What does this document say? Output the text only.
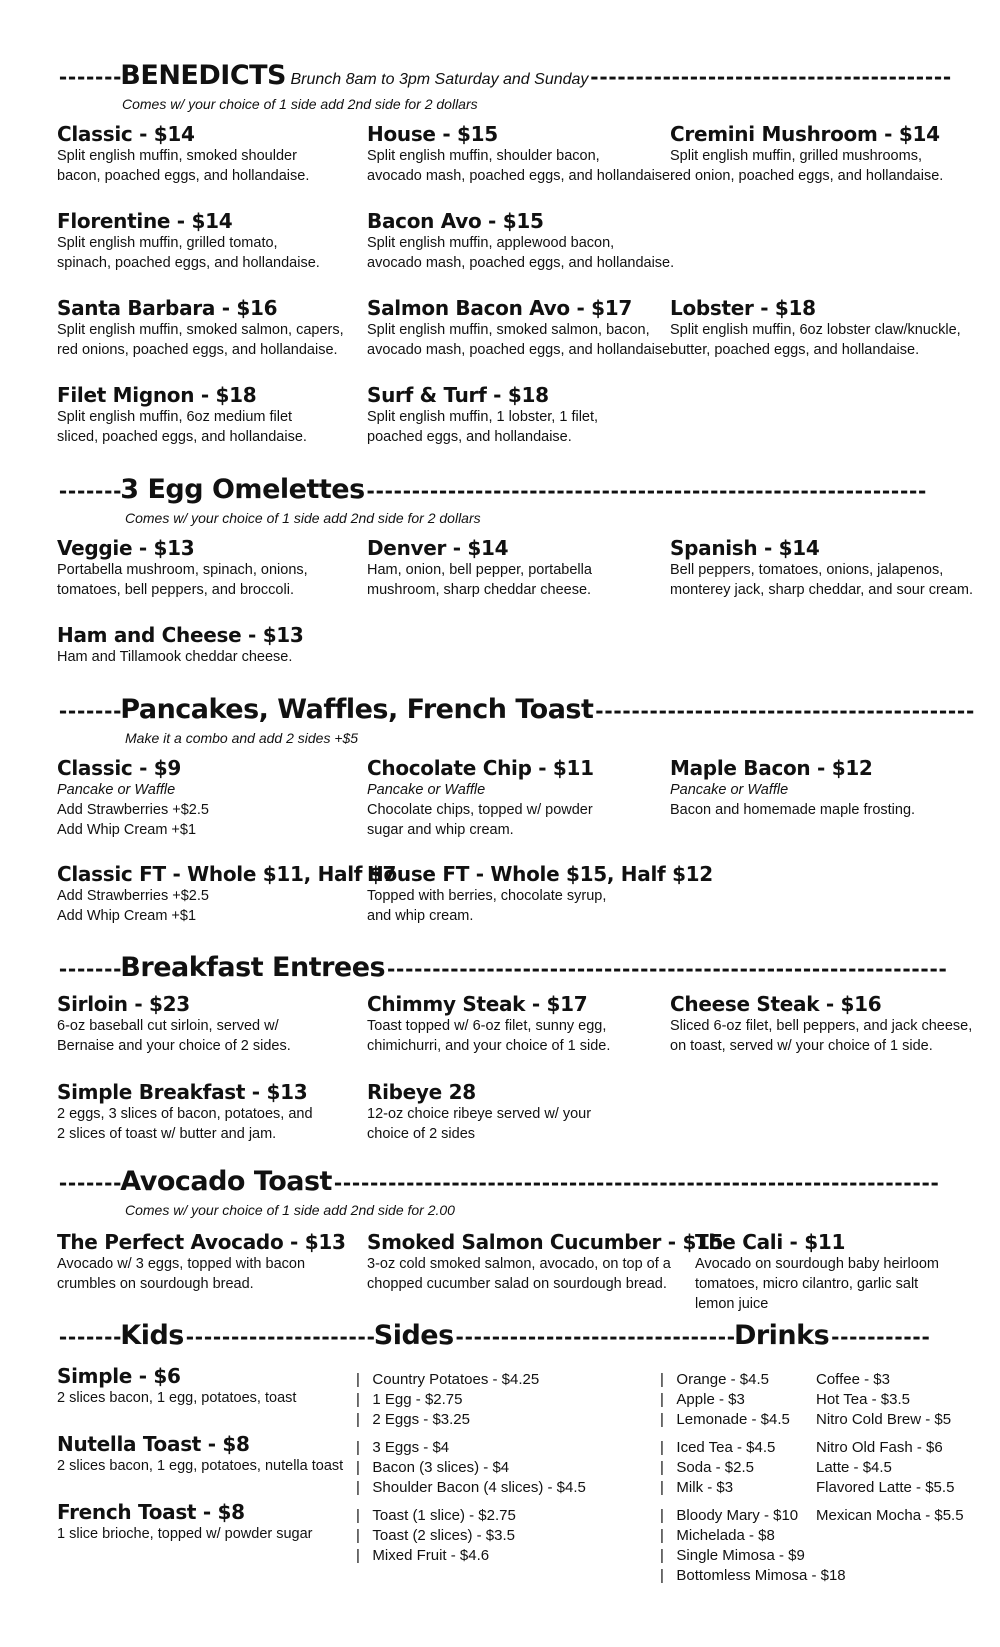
-------BENEDICTS Brunch 8am to 3pm Saturday and Sunday----------------------------------------
Comes w/ your choice of 1 side add 2nd side for 2 dollars
Classic - $14
Split english muffin, smoked shoulder
bacon, poached eggs, and hollandaise.
House - $15
Split english muffin, shoulder bacon,
avocado mash, poached eggs, and hollandaise.
Cremini Mushroom - $14
Split english muffin, grilled mushrooms,
red onion, poached eggs, and hollandaise.
Florentine - $14
Split english muffin, grilled tomato,
spinach, poached eggs, and hollandaise.
Bacon Avo - $15
Split english muffin, applewood bacon,
avocado mash, poached eggs, and hollandaise.
Santa Barbara - $16
Split english muffin, smoked salmon, capers,
red onions, poached eggs, and hollandaise.
Salmon Bacon Avo - $17
Split english muffin, smoked salmon, bacon,
avocado mash, poached eggs, and hollandaise.
Lobster - $18
Split english muffin, 6oz lobster claw/knuckle,
butter, poached eggs, and hollandaise.
Filet Mignon - $18
Split english muffin, 6oz medium filet
sliced, poached eggs, and hollandaise.
Surf & Turf - $18
Split english muffin, 1 lobster, 1 filet,
poached eggs, and hollandaise.
-------3 Egg Omelettes--------------------------------------------------------------
Comes w/ your choice of 1 side add 2nd side for 2 dollars
Veggie - $13
Portabella mushroom, spinach, onions,
tomatoes, bell peppers, and broccoli.
Denver - $14
Ham, onion, bell pepper, portabella
mushroom, sharp cheddar cheese.
Spanish - $14
Bell peppers, tomatoes, onions, jalapenos,
monterey jack, sharp cheddar, and sour cream.
Ham and Cheese - $13
Ham and Tillamook cheddar cheese.
-------Pancakes, Waffles, French Toast------------------------------------------
Make it a combo and add 2 sides +$5
Classic - $9
Pancake or Waffle
Add Strawberries +$2.5
Add Whip Cream +$1
Chocolate Chip - $11
Pancake or Waffle
Chocolate chips, topped w/ powder
sugar and whip cream.
Maple Bacon - $12
Pancake or Waffle
Bacon and homemade maple frosting.
Classic FT - Whole $11, Half $7
Add Strawberries +$2.5
Add Whip Cream +$1
House FT - Whole $15, Half $12
Topped with berries, chocolate syrup,
and whip cream.
-------Breakfast Entrees--------------------------------------------------------------
Sirloin - $23
6-oz baseball cut sirloin, served w/
Bernaise and your choice of 2 sides.
Chimmy Steak - $17
Toast topped w/ 6-oz filet, sunny egg,
chimichurri, and your choice of 1 side.
Cheese Steak - $16
Sliced 6-oz filet, bell peppers, and jack cheese,
on toast, served w/ your choice of 1 side.
Simple Breakfast - $13
2 eggs, 3 slices of bacon, potatoes, and
2 slices of toast w/ butter and jam.
Ribeye 28
12-oz choice ribeye served w/ your
choice of 2 sides
-------Avocado Toast-------------------------------------------------------------------
Comes w/ your choice of 1 side add 2nd side for 2.00
The Perfect Avocado - $13
Avocado w/ 3 eggs, topped with bacon
crumbles on sourdough bread.
Smoked Salmon Cucumber - $15
3-oz cold smoked salmon, avocado, on top of a
chopped cucumber salad on sourdough bread.
The Cali - $11
Avocado on sourdough baby heirloom
tomatoes, micro cilantro, garlic salt
lemon juice
-------Kids---------------------Sides-------------------------------Drinks-----------
Simple - $6
2 slices bacon, 1 egg, potatoes, toast
Nutella Toast - $8
2 slices bacon, 1 egg, potatoes, nutella toast
French Toast - $8
1 slice brioche, topped w/ powder sugar
| Country Potatoes - $4.25
| 1 Egg - $2.75
| 2 Eggs - $3.25
| 3 Eggs - $4
| Bacon (3 slices) - $4
| Shoulder Bacon (4 slices) - $4.5
| Toast (1 slice) - $2.75
| Toast (2 slices) - $3.5
| Mixed Fruit - $4.6
| Orange - $4.5
| Apple - $3
| Lemonade - $4.5
| Iced Tea - $4.5
| Soda - $2.5
| Milk - $3
| Bloody Mary - $10
| Michelada - $8
| Single Mimosa - $9
| Bottomless Mimosa - $18
Coffee - $3
Hot Tea - $3.5
Nitro Cold Brew - $5
Nitro Old Fash - $6
Latte - $4.5
Flavored Latte - $5.5
Mexican Mocha - $5.5
